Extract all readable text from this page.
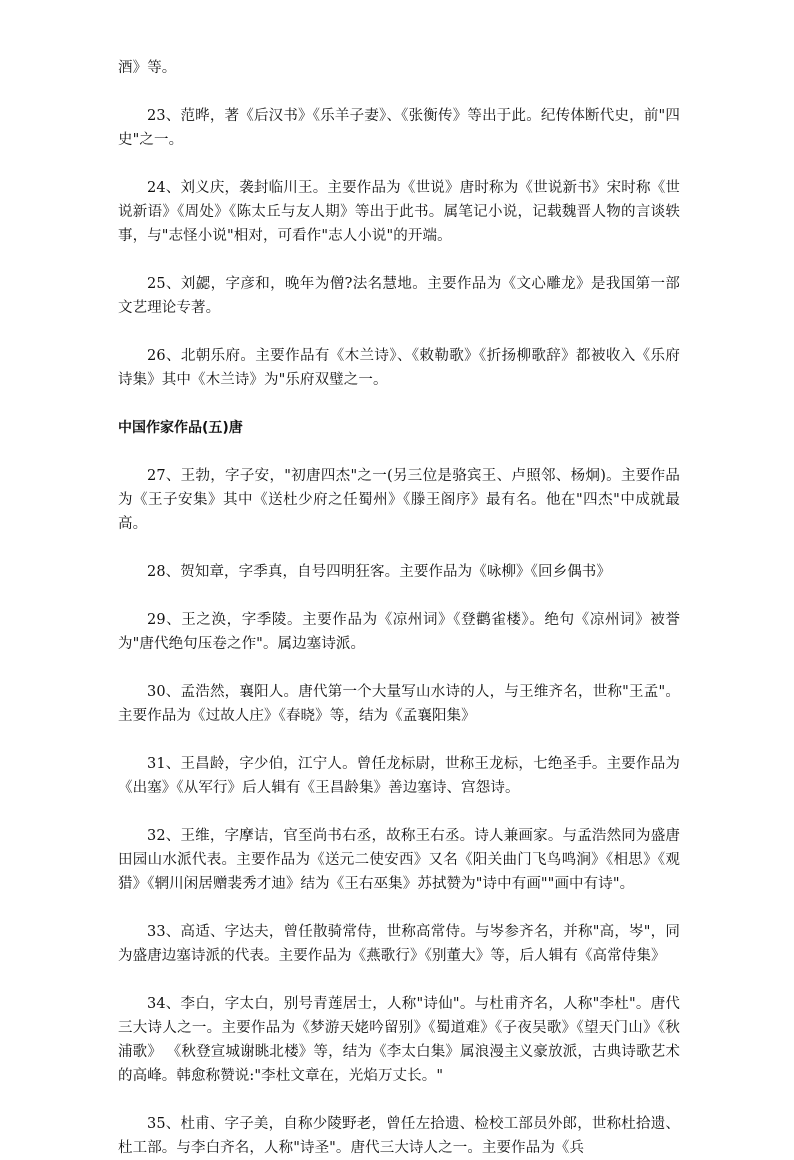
酒》等。

23、范晔，著《后汉书》《乐羊子妻》、《张衡传》等出于此。纪传体断代史，前"四史"之一。

24、刘义庆，袭封临川王。主要作品为《世说》唐时称为《世说新书》宋时称《世说新语》《周处》《陈太丘与友人期》等出于此书。属笔记小说，记载魏晋人物的言谈轶事，与"志怪小说"相对，可看作"志人小说"的开端。

25、刘勰，字彦和，晚年为僧?法名慧地。主要作品为《文心雕龙》是我国第一部文艺理论专著。

26、北朝乐府。主要作品有《木兰诗》、《敕勒歌》《折扬柳歌辞》都被收入《乐府诗集》其中《木兰诗》为"乐府双璧之一。

中国作家作品(五)唐

27、王勃，字子安，"初唐四杰"之一(另三位是骆宾王、卢照邻、杨炯)。主要作品为《王子安集》其中《送杜少府之任蜀州》《滕王阁序》最有名。他在"四杰"中成就最高。

28、贺知章，字季真，自号四明狂客。主要作品为《咏柳》《回乡偶书》

29、王之涣，字季陵。主要作品为《凉州词》《登鹳雀楼》。绝句《凉州词》被誉为"唐代绝句压卷之作"。属边塞诗派。

30、孟浩然，襄阳人。唐代第一个大量写山水诗的人，与王维齐名，世称"王孟"。主要作品为《过故人庄》《春晓》等，结为《孟襄阳集》

31、王昌龄，字少伯，江宁人。曾任龙标尉，世称王龙标，七绝圣手。主要作品为《出塞》《从军行》后人辑有《王昌龄集》善边塞诗、宫怨诗。

32、王维，字摩诘，官至尚书右丞，故称王右丞。诗人兼画家。与孟浩然同为盛唐田园山水派代表。主要作品为《送元二使安西》又名《阳关曲门飞鸟鸣涧》《相思》《观猎》《辋川闲居赠裴秀才迪》结为《王右巫集》苏拭赞为"诗中有画""画中有诗"。

33、高适、字达夫，曾任散骑常侍，世称高常侍。与岑参齐名，并称"高，岑"，同为盛唐边塞诗派的代表。主要作品为《燕歌行》《别董大》等，后人辑有《高常侍集》

34、李白，字太白，别号青莲居士，人称"诗仙"。与杜甫齐名，人称"李杜"。唐代三大诗人之一。主要作品为《梦游天姥吟留别》《蜀道难》《子夜吴歌》《望天门山》《秋浦歌》 《秋登宣城谢眺北楼》等，结为《李太白集》属浪漫主义豪放派，古典诗歌艺术的高峰。韩愈称赞说:"李杜文章在，光焰万丈长。"

35、杜甫、字子美，自称少陵野老，曾任左拾遗、检校工部员外郎，世称杜拾遗、杜工部。与李白齐名，人称"诗圣"。唐代三大诗人之一。主要作品为《兵
